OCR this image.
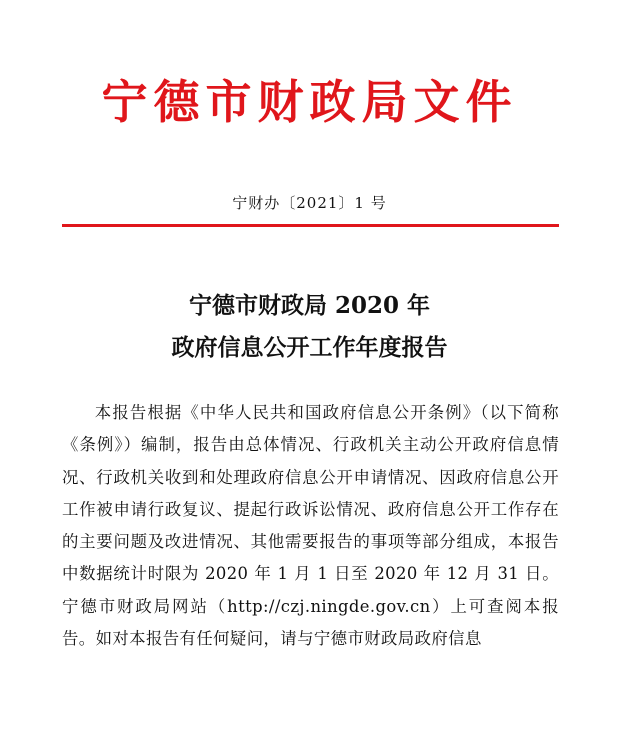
宁德市财政局文件
宁财办〔2021〕1 号
宁德市财政局 2020 年
政府信息公开工作年度报告

本报告根据《中华人民共和国政府信息公开条例》（以下简称《条例》）编制，报告由总体情况、行政机关主动公开政府信息情况、行政机关收到和处理政府信息公开申请情况、因政府信息公开工作被申请行政复议、提起行政诉讼情况、政府信息公开工作存在的主要问题及改进情况、其他需要报告的事项等部分组成，本报告中数据统计时限为 2020 年 1 月 1 日至 2020 年 12 月 31 日。宁德市财政局网站（http://czj.ningde.gov.cn）上可查阅本报告。如对本报告有任何疑问，请与宁德市财政局政府信息
